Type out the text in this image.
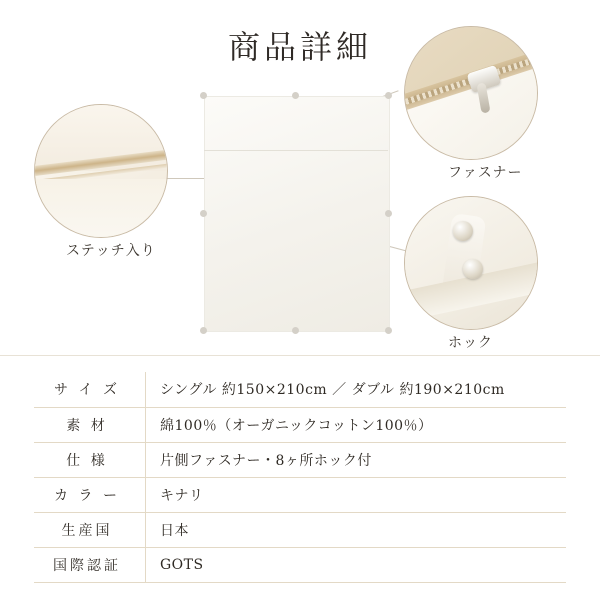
商品詳細
ステッチ入り
ファスナー
ホック
サ イ ズ	シングル 約150×210cm ／ ダブル 約190×210cm
素 材	綿100％（オーガニックコットン100％）
仕 様	片側ファスナー・8ヶ所ホック付
カ ラ ー	キナリ
生産国	日本
国際認証	GOTS
